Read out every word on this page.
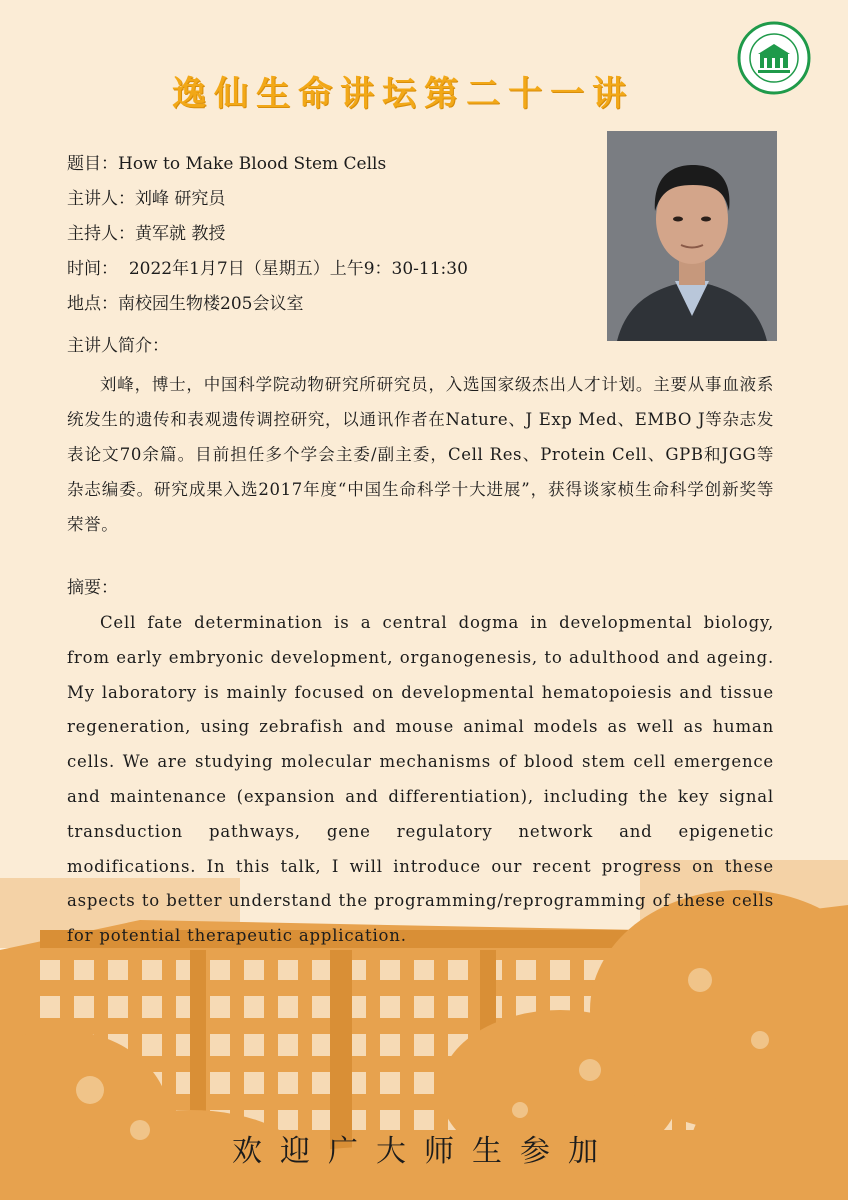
逸仙生命讲坛第二十一讲
题目：How to Make Blood Stem Cells
主讲人：刘峰 研究员
主持人：黄军就 教授
时间： 2022年1月7日（星期五）上午9：30-11:30
地点：南校园生物楼205会议室
主讲人简介：

刘峰，博士，中国科学院动物研究所研究员，入选国家级杰出人才计划。主要从事血液系统发生的遗传和表观遗传调控研究，以通讯作者在Nature、J Exp Med、EMBO J等杂志发表论文70余篇。目前担任多个学会主委/副主委，Cell Res、Protein Cell、GPB和JGG等杂志编委。研究成果入选2017年度“中国生命科学十大进展”，获得谈家桢生命科学创新奖等荣誉。

摘要：

Cell fate determination is a central dogma in developmental biology, from early embryonic development, organogenesis, to adulthood and ageing. My laboratory is mainly focused on developmental hematopoiesis and tissue regeneration, using zebrafish and mouse animal models as well as human cells. We are studying molecular mechanisms of blood stem cell emergence and maintenance (expansion and differentiation), including the key signal transduction pathways, gene regulatory network and epigenetic modifications. In this talk, I will introduce our recent progress on these aspects to better understand the programming/reprogramming of these cells for potential therapeutic application.

欢迎广大师生参加
